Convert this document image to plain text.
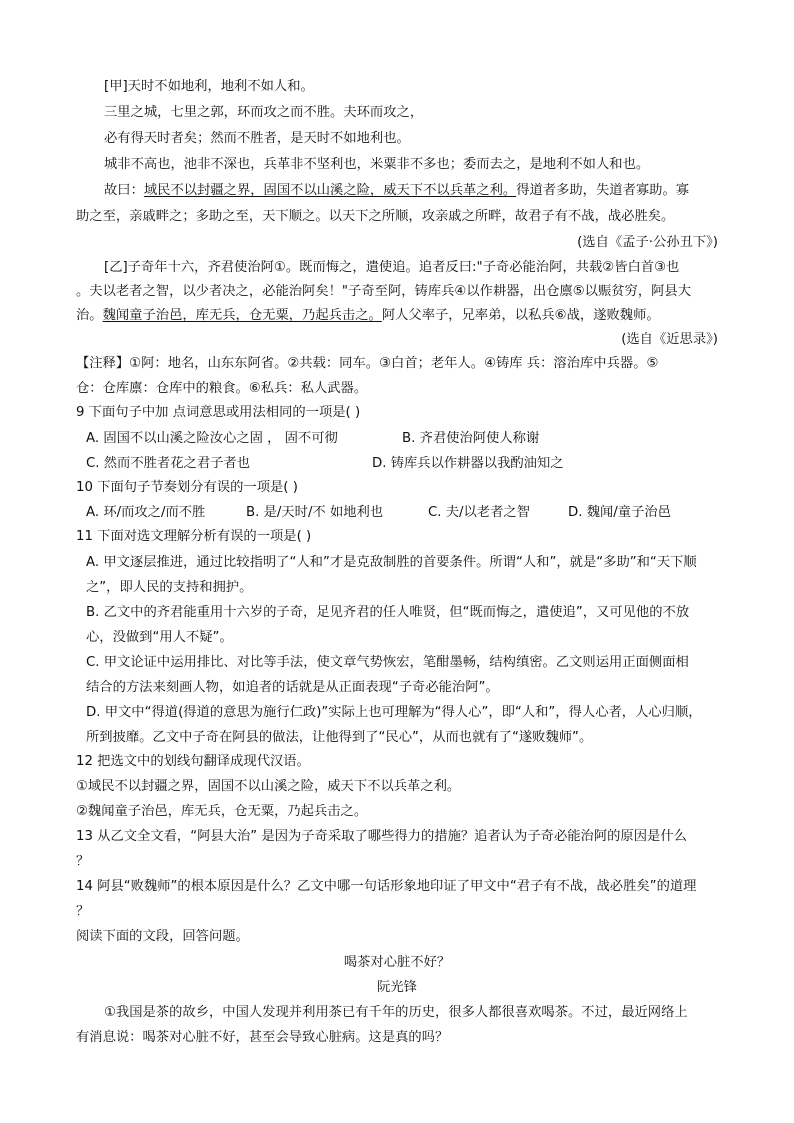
[甲]天时不如地利，地利不如人和。
三里之城，七里之郭，环而攻之而不胜。夫环而攻之，
必有得天时者矣；然而不胜者，是天时不如地利也。
城非不高也，池非不深也，兵革非不坚利也，米粟非不多也；委而去之，是地利不如人和也。
故曰：域民不以封疆之界，固国不以山溪之险，威天下不以兵革之利。得道者多助，失道者寡助。寡
助之至，亲戚畔之；多助之至，天下顺之。以天下之所顺，攻亲戚之所畔，故君子有不战，战必胜矣。
(选自《孟子·公孙丑下》)
[乙]子奇年十六，齐君使治阿①。既而悔之，遣使追。追者反曰:"子奇必能治阿，共载②皆白首③也
。夫以老者之智，以少者决之，必能治阿矣！"子奇至阿，铸库兵④以作耕器，出仓廪⑤以赈贫穷，阿县大
治。魏闻童子治邑，库无兵，仓无粟，乃起兵击之。阿人父率子，兄率弟，以私兵⑥战，遂败魏师。
(选自《近思录》)
【注释】①阿：地名，山东东阿省。②共载：同车。③白首；老年人。④铸库 兵：溶治库中兵器。⑤
仓：仓库廪：仓库中的粮食。⑥私兵：私人武器。
9 下面句子中加 点词意思或用法相同的一项是( )
A. 固国不以山溪之险汝心之固 ， 固不可彻	B. 齐君使治阿使人称谢
C. 然而不胜者花之君子者也	D. 铸库兵以作耕器以我酌油知之
10 下面句子节奏划分有误的一项是( )
A. 环/而攻之/而不胜	B. 是/天时/不 如地利也	C. 夫/以老者之智	D. 魏闻/童子治邑
11 下面对选文理解分析有误的一项是( )
A. 甲文逐层推进，通过比较指明了“人和”才是克敌制胜的首要条件。所谓“人和”，就是“多助”和“天下顺
之”，即人民的支持和拥护。
B. 乙文中的齐君能重用十六岁的子奇，足见齐君的任人唯贤，但“既而悔之，遣使追”，又可见他的不放
心，没做到“用人不疑”。
C. 甲文论证中运用排比、对比等手法，使文章气势恢宏，笔酣墨畅，结构缜密。乙文则运用正面侧面相
结合的方法来刻画人物，如追者的话就是从正面表现“子奇必能治阿”。
D. 甲文中“得道(得道的意思为施行仁政)”实际上也可理解为“得人心”，即“人和”，得人心者，人心归顺，
所到披靡。乙文中子奇在阿县的做法，让他得到了“民心”，从而也就有了“遂败魏师”。
12 把选文中的划线句翻译成现代汉语。
①域民不以封疆之界，固国不以山溪之险，威天下不以兵革之利。
②魏闻童子治邑，库无兵，仓无粟，乃起兵击之。
13 从乙文全文看，“阿县大治” 是因为子奇采取了哪些得力的措施？追者认为子奇必能治阿的原因是什么
？
14 阿县“败魏师”的根本原因是什么？乙文中哪一句话形象地印证了甲文中“君子有不战，战必胜矣”的道理
？
阅读下面的文段，回答问题。
喝茶对心脏不好？
阮光锋
①我国是茶的故乡，中国人发现并利用茶已有千年的历史，很多人都很喜欢喝茶。不过，最近网络上
有消息说：喝茶对心脏不好，甚至会导致心脏病。这是真的吗？
